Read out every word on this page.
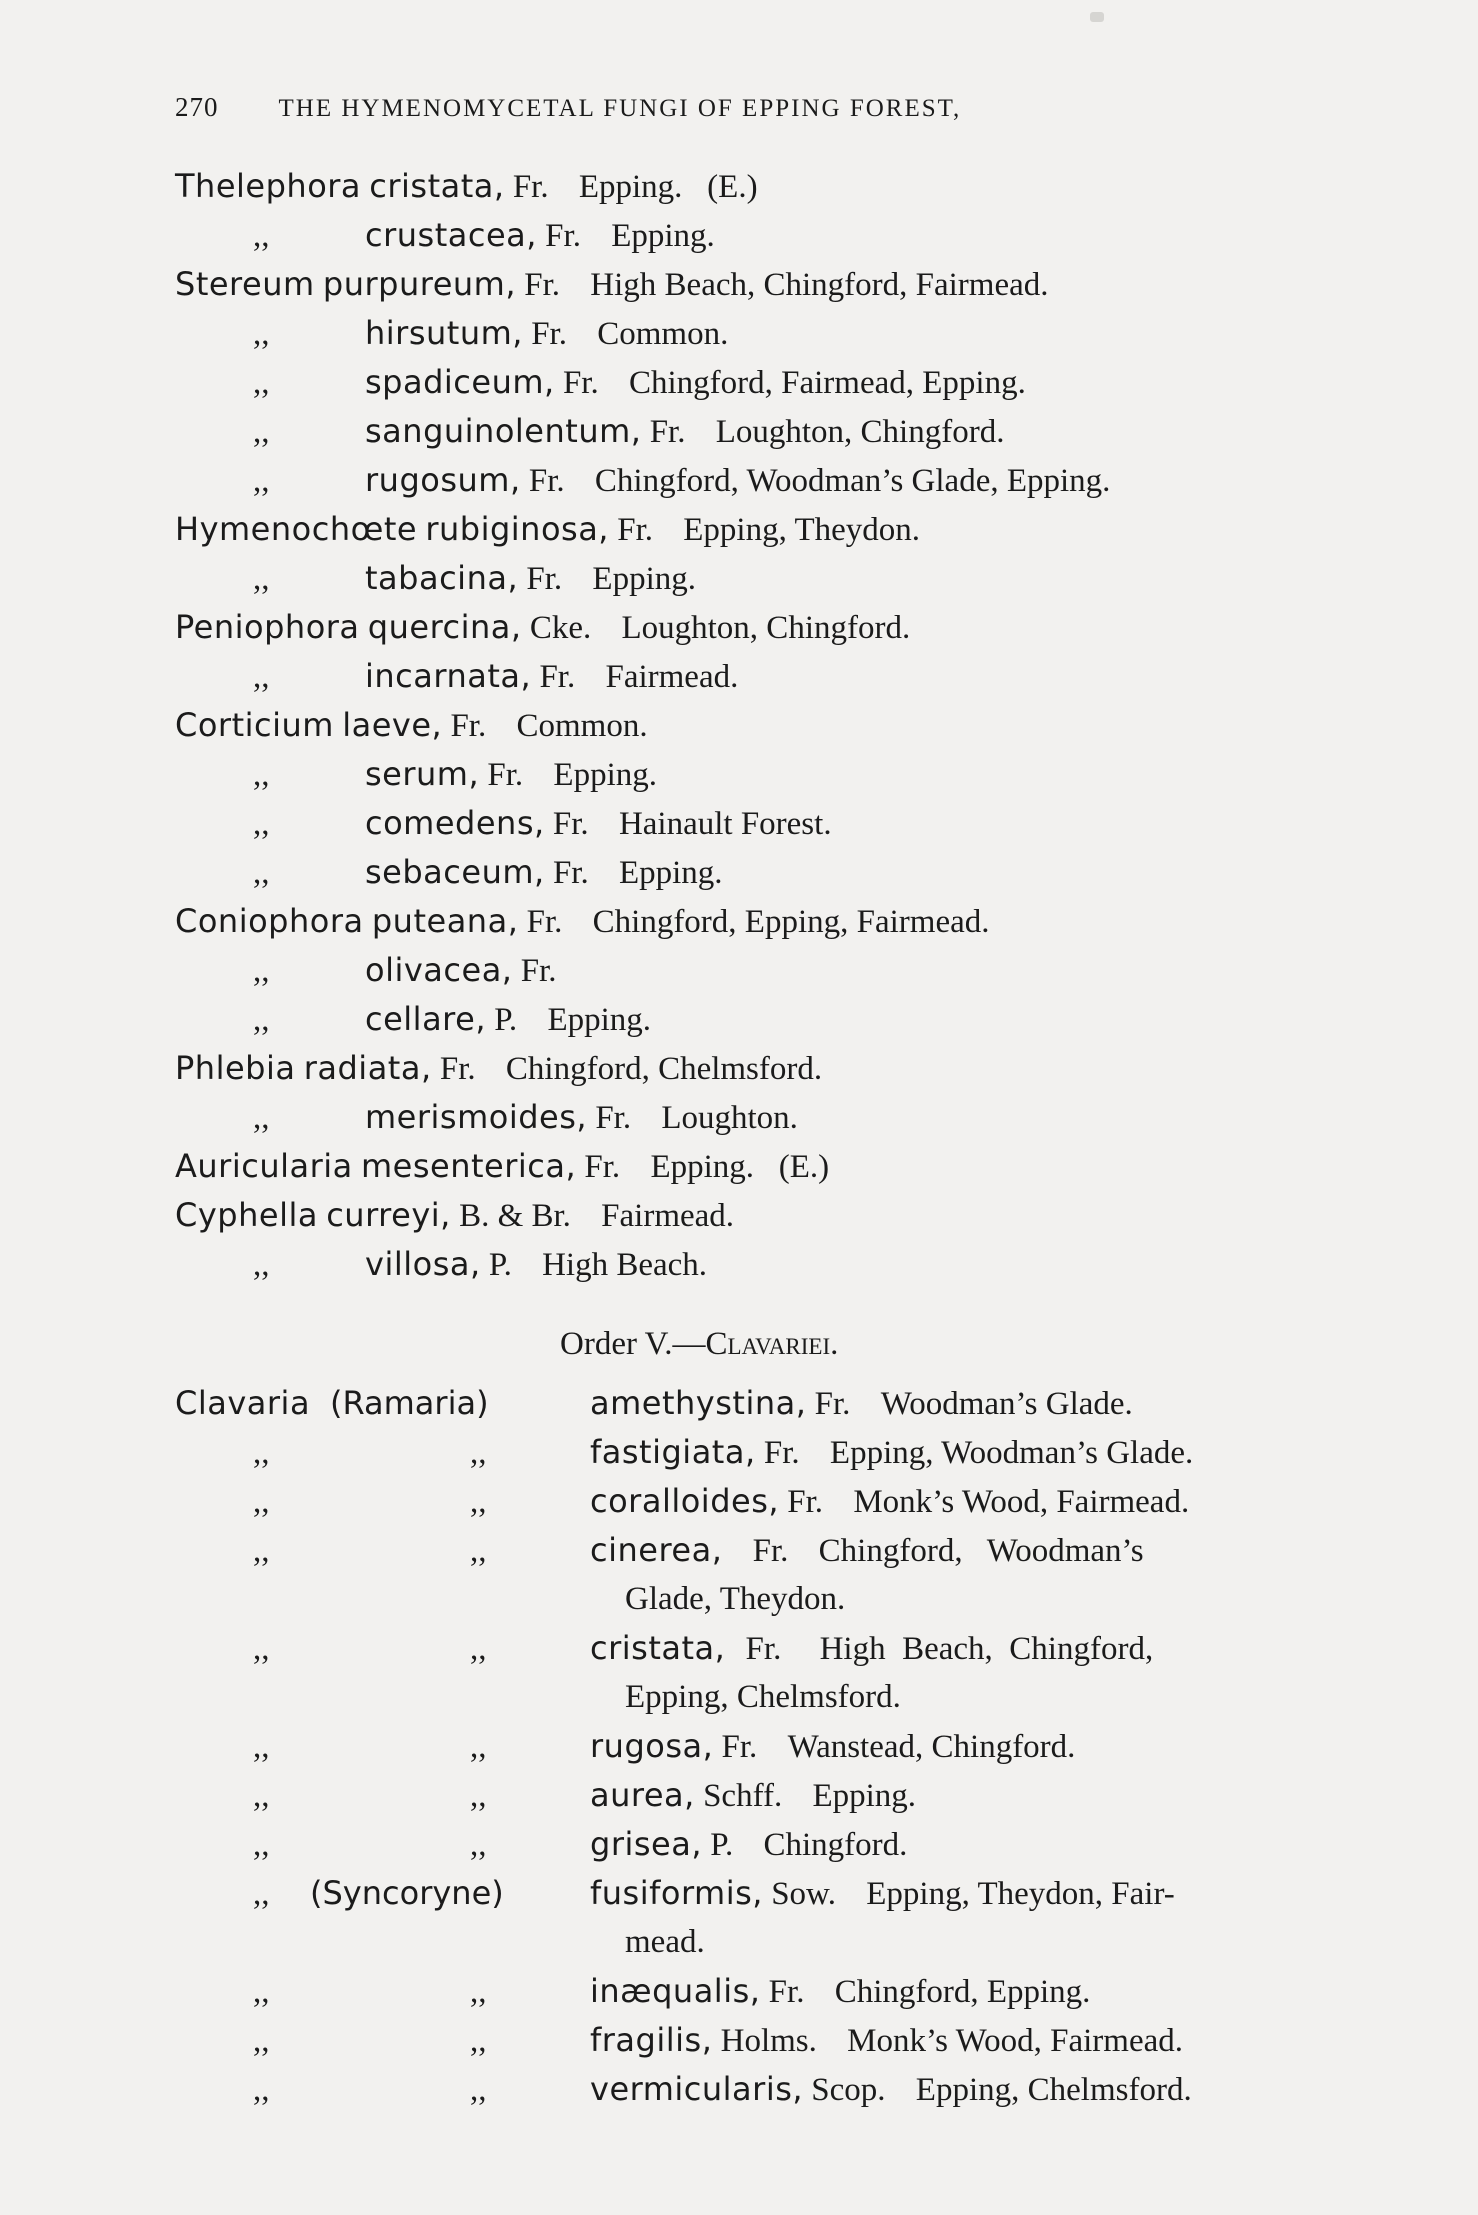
270 THE HYMENOMYCETAL FUNGI OF EPPING FOREST,
Thelephora cristata, Fr. Epping.   (E.)
,,	crustacea, Fr. Epping.
Stereum purpureum, Fr. High Beach, Chingford, Fairmead.
,,	hirsutum, Fr. Common.
,,	spadiceum, Fr. Chingford, Fairmead, Epping.
,,	sanguinolentum, Fr. Loughton, Chingford.
,,	rugosum, Fr. Chingford, Woodman’s Glade, Epping.
Hymenochœte rubiginosa, Fr. Epping, Theydon.
,,	tabacina, Fr. Epping.
Peniophora quercina, Cke. Loughton, Chingford.
,,	incarnata, Fr. Fairmead.
Corticium laeve, Fr. Common.
,,	serum, Fr. Epping.
,,	comedens, Fr. Hainault Forest.
,,	sebaceum, Fr. Epping.
Coniophora puteana, Fr. Chingford, Epping, Fairmead.
,,	olivacea, Fr.
,,	cellare, P. Epping.
Phlebia radiata, Fr. Chingford, Chelmsford.
,,	merismoides, Fr. Loughton.
Auricularia mesenterica, Fr. Epping.   (E.)
Cyphella curreyi, B. & Br. Fairmead.
,,	villosa, P. High Beach.
Order V.—Clavariei.
Clavaria (Ramaria)	amethystina, Fr. Woodman’s Glade.
,,	,,	fastigiata, Fr. Epping, Woodman’s Glade.
,,	,,	coralloides, Fr. Monk’s Wood, Fairmead.
,,	,,	cinerea, Fr. Chingford,   Woodman’s
Glade, Theydon.
,,	,,	cristata, Fr. High  Beach,  Chingford,
Epping, Chelmsford.
,,	,,	rugosa, Fr. Wanstead, Chingford.
,,	,,	aurea, Schff. Epping.
,,	,,	grisea, P. Chingford.
,, (Syncoryne)	fusiformis, Sow. Epping, Theydon, Fair-
mead.
,,	,,	inæqualis, Fr. Chingford, Epping.
,,	,,	fragilis, Holms. Monk’s Wood, Fairmead.
,,	,,	vermicularis, Scop. Epping, Chelmsford.
